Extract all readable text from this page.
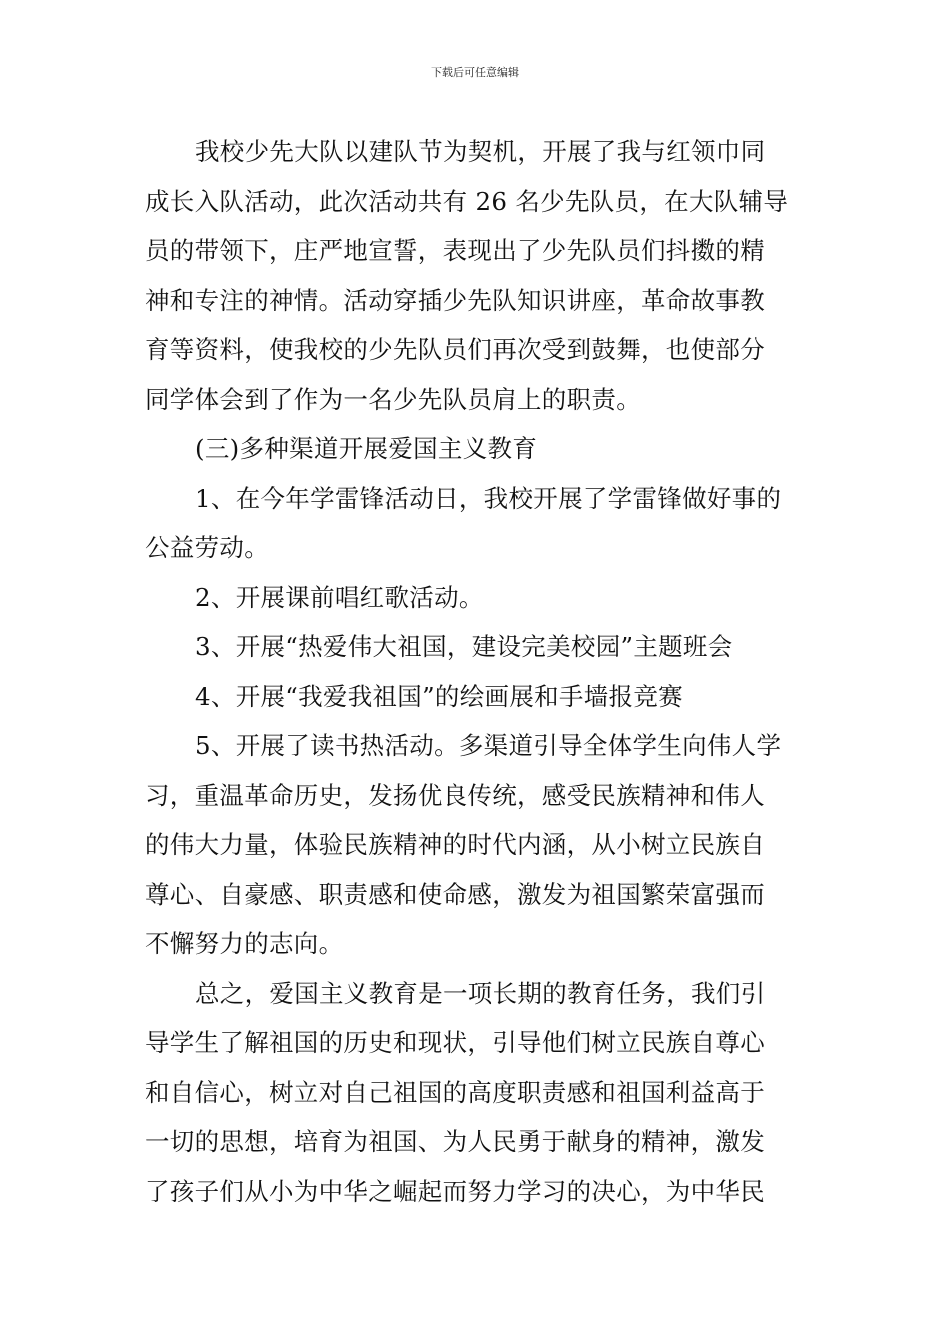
下载后可任意编辑
我校少先大队以建队节为契机，开展了我与红领巾同
成长入队活动，此次活动共有 26 名少先队员，在大队辅导
员的带领下，庄严地宣誓，表现出了少先队员们抖擞的精
神和专注的神情。活动穿插少先队知识讲座，革命故事教
育等资料，使我校的少先队员们再次受到鼓舞，也使部分
同学体会到了作为一名少先队员肩上的职责。
(三)多种渠道开展爱国主义教育
1、在今年学雷锋活动日，我校开展了学雷锋做好事的
公益劳动。
2、开展课前唱红歌活动。
3、开展“热爱伟大祖国，建设完美校园”主题班会
4、开展“我爱我祖国”的绘画展和手墙报竞赛
5、开展了读书热活动。多渠道引导全体学生向伟人学
习，重温革命历史，发扬优良传统，感受民族精神和伟人
的伟大力量，体验民族精神的时代内涵，从小树立民族自
尊心、自豪感、职责感和使命感，激发为祖国繁荣富强而
不懈努力的志向。
总之，爱国主义教育是一项长期的教育任务，我们引
导学生了解祖国的历史和现状，引导他们树立民族自尊心
和自信心，树立对自己祖国的高度职责感和祖国利益高于
一切的思想，培育为祖国、为人民勇于献身的精神，激发
了孩子们从小为中华之崛起而努力学习的决心，为中华民
